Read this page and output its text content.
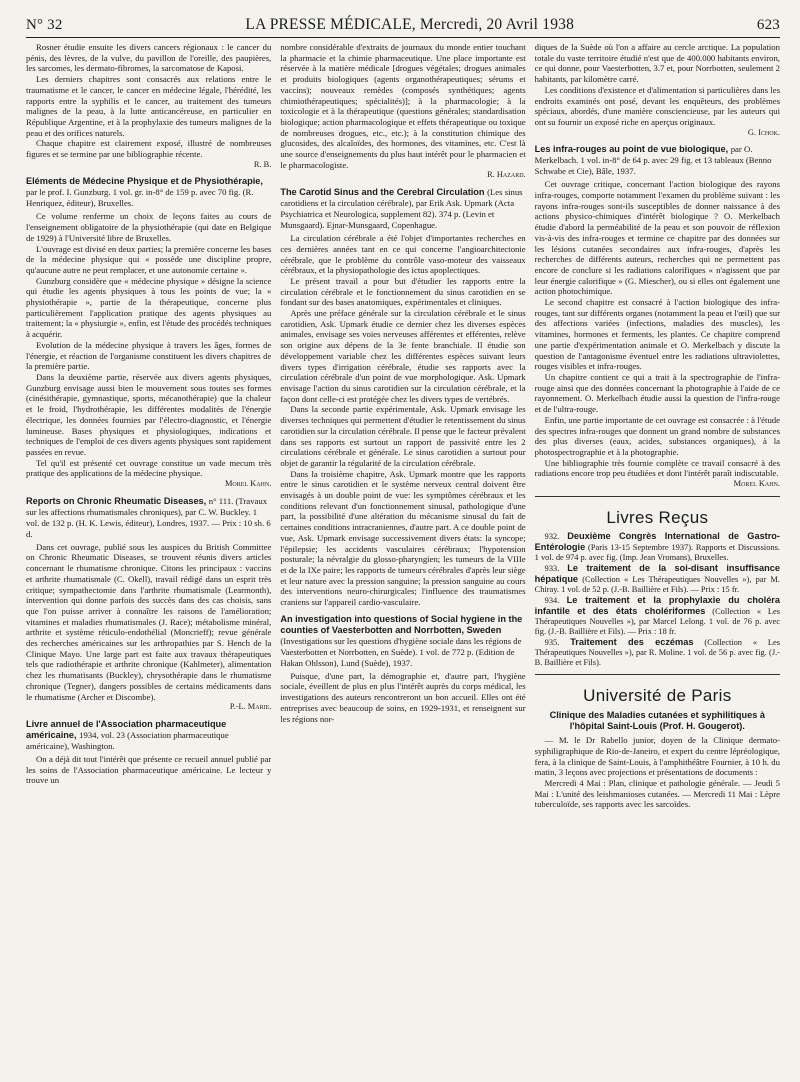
N° 32	LA PRESSE MÉDICALE, Mercredi, 20 Avril 1938	623

Rosner étudie ensuite les divers cancers régionaux : le cancer du pénis, des lèvres, de la vulve, du pavillon de l'oreille, des paupières, les sarcomes, les dermato-fibromes, la sarcomatose de Kaposi.

Les derniers chapitres sont consacrés aux relations entre le traumatisme et le cancer, le cancer en médecine légale, l'hérédité, les rapports entre la syphilis et le cancer, au traitement des tumeurs malignes de la peau, à la lutte anticancéreuse, en particulier en République Argentine, et à la prophylaxie des tumeurs malignes de la peau et des orifices naturels.

Chaque chapitre est clairement exposé, illustré de nombreuses figures et se termine par une bibliographie récente.

R. B.
Eléments de Médecine Physique et de Physiothérapie, par le prof. I. Gunzburg. 1 vol. gr. in-8° de 159 p. avec 70 fig. (R. Henriquez, éditeur), Bruxelles.

Ce volume renferme un choix de leçons faites au cours de l'enseignement obligatoire de la physiothérapie (qui date en Belgique de 1929) à l'Université libre de Bruxelles.

L'ouvrage est divisé en deux parties; la première concerne les bases de la médecine physique qui « possède une discipline propre, qu'aucune autre ne peut remplacer, et une autonomie certaine ».

Gunzburg considère que « médecine physique » désigne la science qui étudie les agents physiques à tous les points de vue; la « physiothérapie », partie de la thérapeutique, concerne plus particulièrement l'application pratique des agents physiques au traitement; la « physiurgie », enfin, est l'étude des procédés techniques à acquérir.

Evolution de la médecine physique à travers les âges, formes de l'énergie, et réaction de l'organisme constituent les divers chapitres de la première partie.

Dans la deuxième partie, réservée aux divers agents physiques, Gunzburg envisage aussi bien le mouvement sous toutes ses formes (cinésithérapie, gymnastique, sports, mécanothérapie) que la chaleur et le froid, l'hydrothérapie, les différentes modalités de l'énergie électrique, les données fournies par l'électro-diagnostic, et l'énergie lumineuse. Bases physiques et physiologiques, indications et techniques de l'emploi de ces divers agents physiques sont rapidement passées en revue.

Tel qu'il est présenté cet ouvrage constitue un vade mecum très pratique des applications de la médecine physique.

Morel Kahn.
Reports on Chronic Rheumatic Diseases, n° 111. (Travaux sur les affections rhumatismales chroniques), par C. W. Buckley. 1 vol. de 132 p. (H. K. Lewis, éditeur), Londres, 1937. — Prix : 10 sh. 6 d.

Dans cet ouvrage, publié sous les auspices du British Committee on Chronic Rheumatic Diseases, se trouvent réunis divers articles concernant le rhumatisme chronique. Citons les principaux : vaccins et arthrite rhumatismale (C. Okell), travail rédigé dans un esprit très critique; sympathectomie dans l'arthrite rhumatismale (Learmonth), intervention qui donne parfois des succès dans des cas choisis, sans que l'on puisse arriver à connaître les raisons de l'amélioration; vitamines et maladies rhumatismales (J. Race); métabolisme minéral, arthrite et système réticulo-endothélial (Moncrieff); revue générale des recherches américaines sur les arthropathies par S. Hench de la Clinique Mayo. Une large part est faite aux travaux thérapeutiques tels que radiothérapie et arthrite chronique (Kahlmeter), alimentation chez les rhumatisants (Buckley), chrysothérapie dans le rhumatisme chronique (Tegner), dangers possibles de certains médicaments dans le rhumatisme (Archer et Discombe).

P.-L. Marie.
Livre annuel de l'Association pharmaceutique américaine, 1934, vol. 23 (Association pharmaceutique américaine), Washington.

On a déjà dit tout l'intérêt que présente ce recueil annuel publié par les soins de l'Association pharmaceutique américaine. Le lecteur y trouve un

nombre considérable d'extraits de journaux du monde entier touchant la pharmacie et la chimie pharmaceutique. Une place importante est réservée à la matière médicale [drogues végétales; drogues animales et produits biologiques (agents organothérapeutiques; sérums et vaccins); nouveaux remèdes (composés synthétiques; agents chimiothérapeutiques; spécialités)]; à la pharmacologie; à la toxicologie et à la thérapeutique (questions générales; standardisation biologique; action pharmacologique et effets thérapeutique ou toxique de nombreuses drogues, etc., etc.); à la constitution chimique des glucosides, des alcaloïdes, des hormones, des vitamines, etc. C'est là une source d'enseignements du plus haut intérêt pour le pharmacien et le pharmacologiste.

R. Hazard.
The Carotid Sinus and the Cerebral Circulation (Les sinus carotidiens et la circulation cérébrale), par Erik Ask. Upmark (Acta Psychiatrica et Neurologica, supplement 82). 374 p. (Levin et Munsgaard). Ejnar-Munsgaard, Copenhague.

La circulation cérébrale a été l'objet d'importantes recherches en ces dernières années tant en ce qui concerne l'angioarchitectonie cérébrale, que le problème du contrôle vaso-moteur des vaisseaux cérébraux, et la physiopathologie des ictus apoplectiques.

Le présent travail a pour but d'étudier les rapports entre la circulation cérébrale et le fonctionnement du sinus carotidien en se fondant sur des bases anatomiques, expérimentales et cliniques.

Après une préface générale sur la circulation cérébrale et le sinus carotidien, Ask. Upmark étudie ce dernier chez les diverses espèces animales, envisage ses voies nerveuses afférentes et efférentes, relève son origine aux dépens de la 3e fente branchiale. Il étudie son développement variable chez les différentes espèces suivant leurs divers types d'irrigation cérébrale, étudie ses rapports avec la circulation cérébrale d'un point de vue morphologique. Ask. Upmark envisage l'action du sinus carotidien sur la circulation cérébrale, et la façon dont celle-ci est protégée chez les divers types de vertébrés.

Dans la seconde partie expérimentale, Ask. Upmark envisage les diverses techniques qui permettent d'étudier le retentissement du sinus carotidien sur la circulation cérébrale. Il pense que le facteur prévalent dans ses rapports est surtout un rapport de passivité entre les 2 circulations cérébrale et générale. Le sinus carotidien a surtout pour objet de garantir la régularité de la circulation cérébrale.

Dans la troisième chapitre, Ask. Upmark montre que les rapports entre le sinus carotidien et le système nerveux central doivent être envisagés à un double point de vue: les symptômes cérébraux et les conditions relevant d'un fonctionnement sinusal, pathologique d'une part, la possibilité d'une altération du mécanisme sinusal du fait de certaines conditions intracraniennes, d'autre part. A ce double point de vue, Ask. Upmark envisage successivement divers états: la syncope; l'épilepsie; les accidents vasculaires cérébraux; l'hypotension posturale; la névralgie du glosso-pharyngien; les tumeurs de la VIIIe et de la IXe paire; les rapports de tumeurs cérébrales d'après leur siège et leur nature avec la pression sanguine; la pression sanguine au cours des interventions neuro-chirurgicales; l'influence des traumatismes craniens sur l'appareil cardio-vasculaire.

An investigation into questions of Social hygiene in the counties of Vaesterbotten and Norrbotten, Sweden (Investigations sur les questions d'hygiène sociale dans les régions de Vaesterbotten et Norrbotten, en Suède). 1 vol. de 772 p. (Edition de Hakan Ohlsson), Lund (Suède), 1937.

Puisque, d'une part, la démographie et, d'autre part, l'hygiène sociale, éveillent de plus en plus l'intérêt auprès du corps médical, les investigations des auteurs rencontreront un bon accueil. Elles ont été entreprises avec beaucoup de soins, en 1929-1931, et renseignent sur les régions nor-

diques de la Suède où l'on a affaire au cercle arctique. La population totale du vaste territoire étudié n'est que de 400.000 habitants environ, ce qui donne, pour Vaesterbotten, 3.7 et, pour Norrbotten, seulement 2 habitants, par kilomètre carré.

Les conditions d'existence et d'alimentation si particulières dans les endroits examinés ont posé, devant les enquêteurs, des problèmes spéciaux, abordés, d'une manière consciencieuse, par les auteurs qui ont su fournir un exposé riche en aperçus originaux.

G. Ichok.
Les infra-rouges au point de vue biologique, par O. Merkelbach. 1 vol. in-8° de 64 p. avec 29 fig. et 13 tableaux (Benno Schwabe et Cie), Bâle, 1937.

Cet ouvrage critique, concernant l'action biologique des rayons infra-rouges, comporte notamment l'examen du problème suivant : les rayons infra-rouges sont-ils susceptibles de donner naissance à des actions physico-chimiques d'intérêt biologique ? O. Merkelbach étudie d'abord la perméabilité de la peau et son pouvoir de réflexion vis-à-vis des infra-rouges et termine ce chapitre par des données sur les lésions cutanées secondaires aux infra-rouges, d'après les recherches de différents auteurs, recherches qui ne permettent pas encore de conclure si les radiations calorifiques « n'agissent que par leur énergie calorifique » (G. Miescher), ou si elles ont également une action photochimique.

Le second chapitre est consacré à l'action biologique des infra-rouges, tant sur différents organes (notamment la peau et l'œil) que sur des affections variées (infections, maladies des muscles), les vitamines, hormones et ferments, les plantes. Ce chapitre comprend une partie d'expérimentation animale et O. Merkelbach y discute la question de l'antagonisme éventuel entre les radiations ultraviolettes, rouges visibles et infra-rouges.

Un chapitre contient ce qui a trait à la spectrographie de l'infra-rouge ainsi que des données concernant la photographie à l'aide de ce rayonnement. O. Merkelbach étudie aussi la question de l'infra-rouge et de l'ultra-rouge.

Enfin, une partie importante de cet ouvrage est consacrée : à l'étude des spectres infra-rouges que donnent un grand nombre de substances des plus diverses (eaux, acides, substances organiques), à la photospectrographie et à la photographie.

Une bibliographie très fournie complète ce travail consacré à des radiations encore trop peu étudiées et dont l'intérêt paraît indiscutable.

Morel Kahn.
Livres Reçus

932. Deuxième Congrès International de Gastro-Entérologie (Paris 13-15 Septembre 1937). Rapports et Discussions. 1 vol. de 974 p. avec fig. (Imp. Jean Vromans), Bruxelles.

933. Le traitement de la soi-disant insuffisance hépatique (Collection « Les Thérapeutiques Nouvelles »), par M. Chiray. 1 vol. de 52 p. (J.-B. Baillière et Fils). — Prix : 15 fr.

934. Le traitement et la prophylaxie du choléra infantile et des états cholériformes (Collection « Les Thérapeutiques Nouvelles »), par Marcel Lelong. 1 vol. de 76 p. avec fig. (J.-B. Baillière et Fils). — Prix : 18 fr.

935. Traitement des eczémas (Collection « Les Thérapeutiques Nouvelles »), par R. Moline. 1 vol. de 56 p. avec fig. (J.-B. Baillière et Fils).

Université de Paris
Clinique des Maladies cutanées et syphilitiques à l'hôpital Saint-Louis (Prof. H. Gougerot).

— M. le Dr Rabello junior, doyen de la Clinique dermato-syphiligraphique de Rio-de-Janeiro, et expert du centre lépréologique, fera, à la clinique de Saint-Louis, à l'amphithéâtre Fournier, à 10 h. du matin, 3 leçons avec projections et présentations de documents :

Mercredi 4 Mai : Plan, clinique et pathologie générale. — Jeudi 5 Mai : L'unité des leishmanioses cutanées. — Mercredi 11 Mai : Lèpre tuberculoïde, ses rapports avec les sarcoïdes.
